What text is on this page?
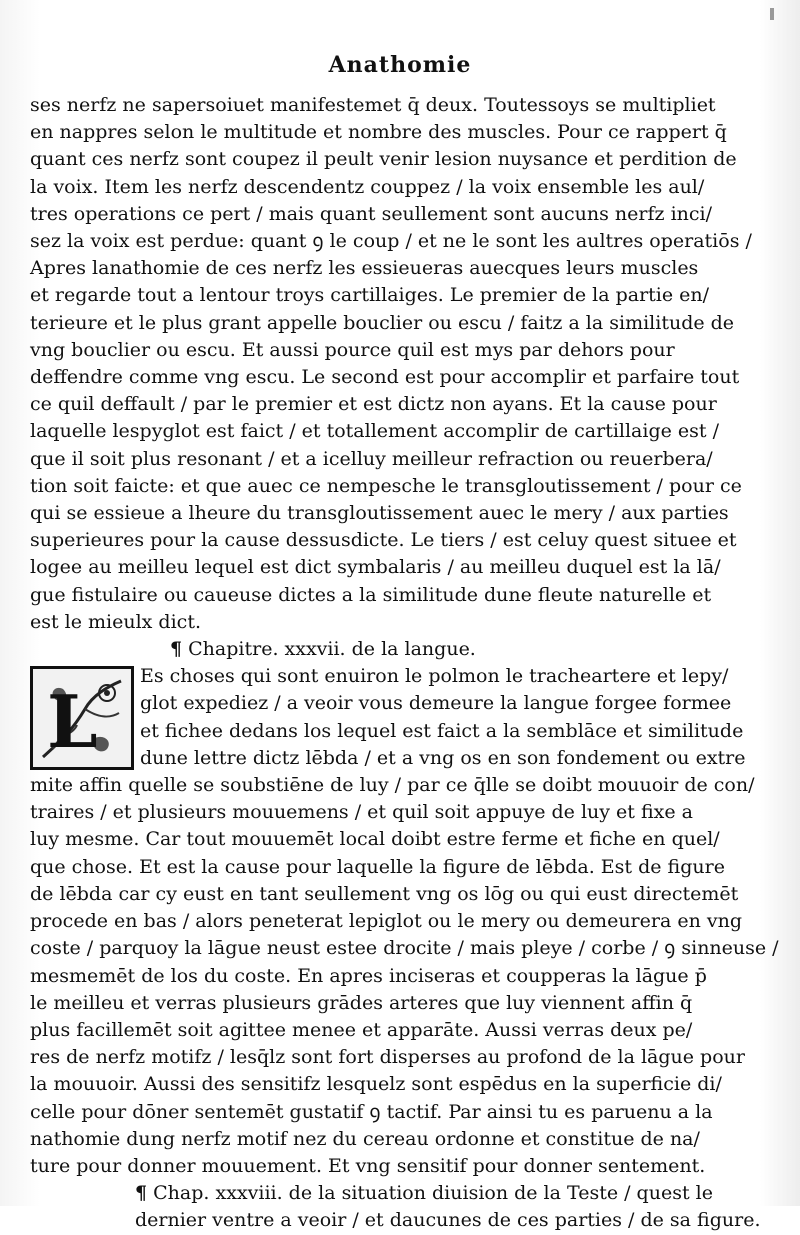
Anathomie
ses nerfz ne sapersoiuet manifestemet q̄ deux. Toutessoys se multipliet
en nappres selon le multitude et nombre des muscles. Pour ce rappert q̄
quant ces nerfz sont coupez il peult venir lesion nuysance et perdition de
la voix. Item les nerfz descendentz couppez / la voix ensemble les aul/
tres operations ce pert / mais quant seullement sont aucuns nerfz inci/
sez la voix est perdue: quant ꝯ le coup / et ne le sont les aultres operatiōs /
Apres lanathomie de ces nerfz les essieueras auecques leurs muscles
et regarde tout a lentour troys cartillaiges. Le premier de la partie en/
terieure et le plus grant appelle bouclier ou escu / faitz a la similitude de
vng bouclier ou escu. Et aussi pource quil est mys par dehors pour
deffendre comme vng escu. Le second est pour accomplir et parfaire tout
ce quil deffault / par le premier et est dictz non ayans. Et la cause pour
laquelle lespyglot est faict / et totallement accomplir de cartillaige est /
que il soit plus resonant / et a icelluy meilleur refraction ou reuerbera/
tion soit faicte: et que auec ce nempesche le transgloutissement / pour ce
qui se essieue a lheure du transgloutissement auec le mery / aux parties
superieures pour la cause dessusdicte. Le tiers / est celuy quest situee et
logee au meilleu lequel est dict symbalaris / au meilleu duquel est la lā/
gue fistulaire ou caueuse dictes a la similitude dune fleute naturelle et
est le mieulx dict.
¶ Chapitre. xxxvii. de la langue.
L
Es choses qui sont enuiron le polmon le tracheartere et lepy/
glot expediez / a veoir vous demeure la langue forgee formee
et fichee dedans los lequel est faict a la semblāce et similitude
dune lettre dictz lēbda / et a vng os en son fondement ou extre
mite affin quelle se soubstiēne de luy / par ce q̄lle se doibt mouuoir de con/
traires / et plusieurs mouuemens / et quil soit appuye de luy et fixe a
luy mesme. Car tout mouuemēt local doibt estre ferme et fiche en quel/
que chose. Et est la cause pour laquelle la figure de lēbda. Est de figure
de lēbda car cy eust en tant seullement vng os lōg ou qui eust directemēt
procede en bas / alors peneterat lepiglot ou le mery ou demeurera en vng
coste / parquoy la lāgue neust estee drocite / mais pleye / corbe / ꝯ sinneuse /
mesmemēt de los du coste. En apres inciseras et coupperas la lāgue p̄
le meilleu et verras plusieurs grādes arteres que luy viennent affin q̄
plus facillemēt soit agittee menee et apparāte. Aussi verras deux pe/
res de nerfz motifz / lesq̄lz sont fort disperses au profond de la lāgue pour
la mouuoir. Aussi des sensitifz lesquelz sont espēdus en la superficie di/
celle pour dōner sentemēt gustatif ꝯ tactif. Par ainsi tu es paruenu a la
nathomie dung nerfz motif nez du cereau ordonne et constitue de na/
ture pour donner mouuement. Et vng sensitif pour donner sentement.
¶ Chap. xxxviii. de la situation diuision de la Teste / quest le
dernier ventre a veoir / et daucunes de ces parties / de sa figure.
